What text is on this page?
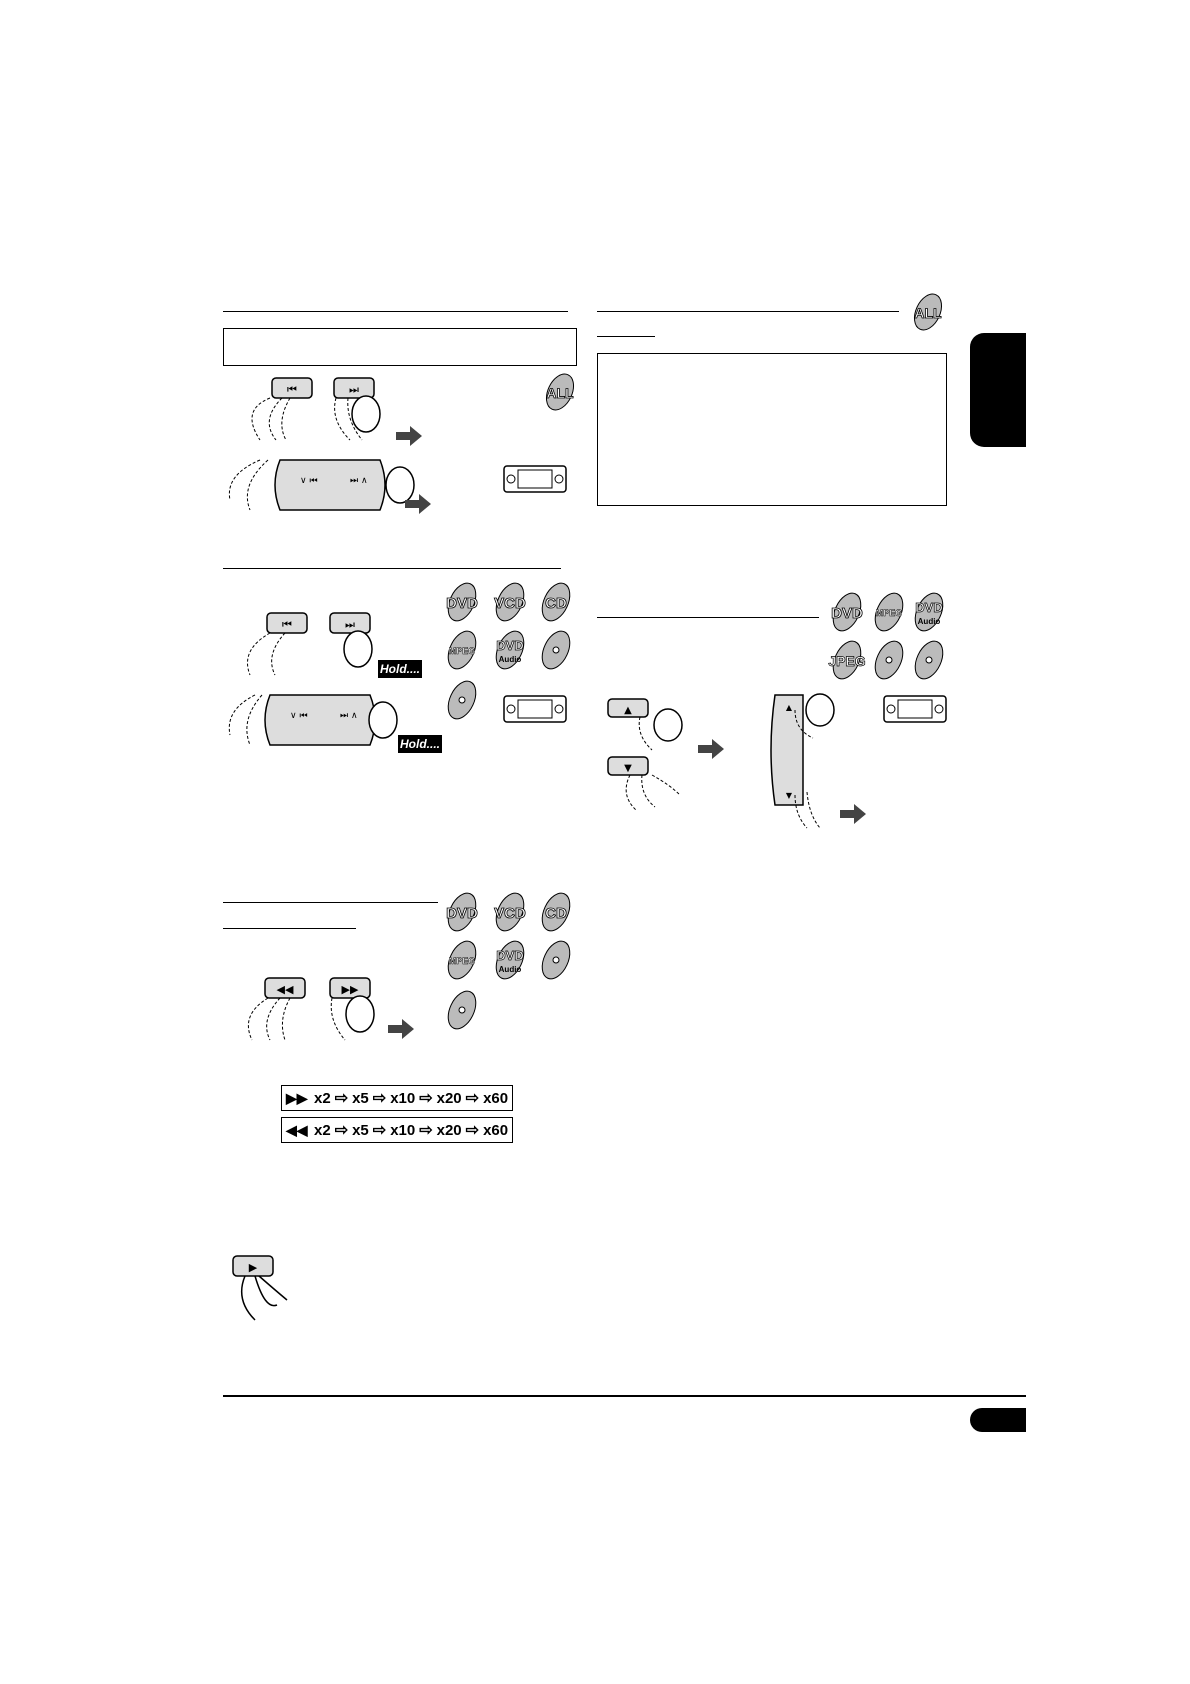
⏮	⏭	ALL
∨ ⏮	⏭ ∧
⏮	⏭
Hold....
∨ ⏮	⏭ ∧
Hold....
DVD VCD CD
MPEG DVD
Audio
DVD VCD CD
MPEG DVD
Audio
◀◀	▶▶
▶▶ x2 ⇨ x5 ⇨ x10 ⇨ x20 ⇨ x60
◀◀ x2 ⇨ x5 ⇨ x10 ⇨ x20 ⇨ x60
▶
ALL
DVD MPEG DVD
Audio
JPEG
▲
▼
▲
▼
